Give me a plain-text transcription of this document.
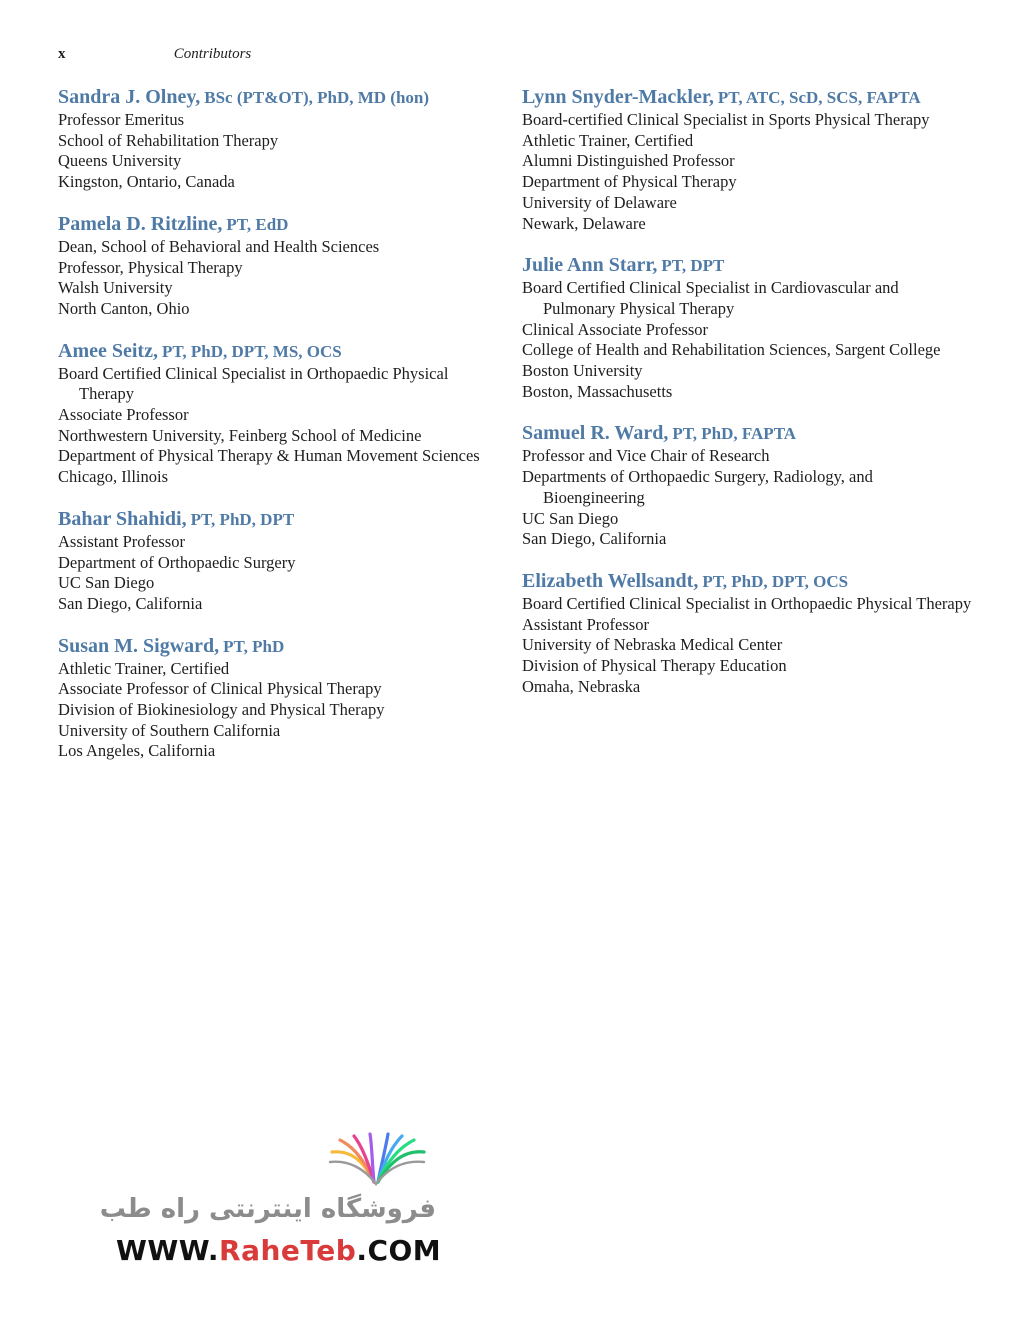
x	Contributors
Sandra J. Olney, BSc (PT&OT), PhD, MD (hon)
Professor Emeritus
School of Rehabilitation Therapy
Queens University
Kingston, Ontario, Canada
Pamela D. Ritzline, PT, EdD
Dean, School of Behavioral and Health Sciences
Professor, Physical Therapy
Walsh University
North Canton, Ohio
Amee Seitz, PT, PhD, DPT, MS, OCS
Board Certified Clinical Specialist in Orthopaedic Physical Therapy
Associate Professor
Northwestern University, Feinberg School of Medicine
Department of Physical Therapy & Human Movement Sciences
Chicago, Illinois
Bahar Shahidi, PT, PhD, DPT
Assistant Professor
Department of Orthopaedic Surgery
UC San Diego
San Diego, California
Susan M. Sigward, PT, PhD
Athletic Trainer, Certified
Associate Professor of Clinical Physical Therapy
Division of Biokinesiology and Physical Therapy
University of Southern California
Los Angeles, California
Lynn Snyder-Mackler, PT, ATC, ScD, SCS, FAPTA
Board-certified Clinical Specialist in Sports Physical Therapy
Athletic Trainer, Certified
Alumni Distinguished Professor
Department of Physical Therapy
University of Delaware
Newark, Delaware
Julie Ann Starr, PT, DPT
Board Certified Clinical Specialist in Cardiovascular and Pulmonary Physical Therapy
Clinical Associate Professor
College of Health and Rehabilitation Sciences, Sargent College
Boston University
Boston, Massachusetts
Samuel R. Ward, PT, PhD, FAPTA
Professor and Vice Chair of Research
Departments of Orthopaedic Surgery, Radiology, and Bioengineering
UC San Diego
San Diego, California
Elizabeth Wellsandt, PT, PhD, DPT, OCS
Board Certified Clinical Specialist in Orthopaedic Physical Therapy
Assistant Professor
University of Nebraska Medical Center
Division of Physical Therapy Education
Omaha, Nebraska
فروشگاه اینترنتی راه طب
WWW.RaheTeb.COM
